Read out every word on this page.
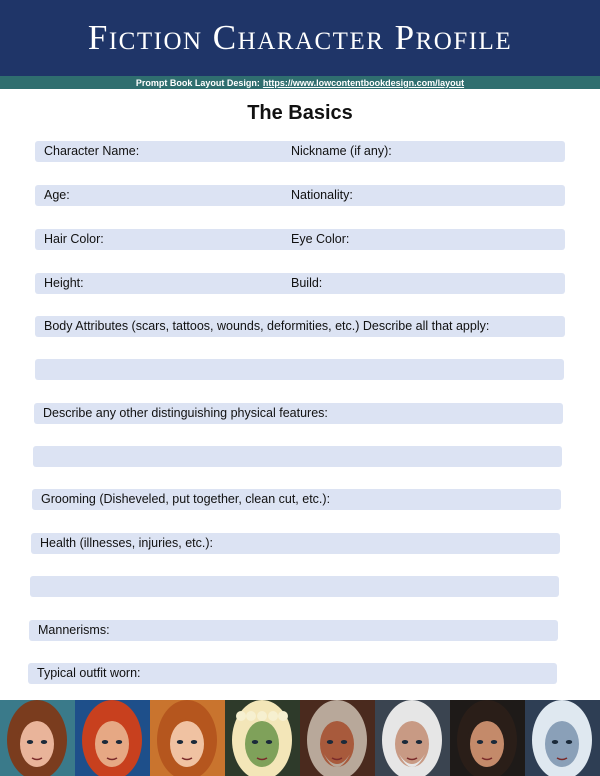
Fiction Character Profile
Prompt Book Layout Design: https://www.lowcontentbookdesign.com/layout
The Basics
Character Name:	Nickname (if any):
Age:	Nationality:
Hair Color:	Eye Color:
Height:	Build:
Body Attributes (scars, tattoos, wounds, deformities, etc.) Describe all that apply:
Describe any other distinguishing physical features:
Grooming (Disheveled, put together, clean cut, etc.):
Health (illnesses, injuries, etc.):
Mannerisms:
Typical outfit worn:
